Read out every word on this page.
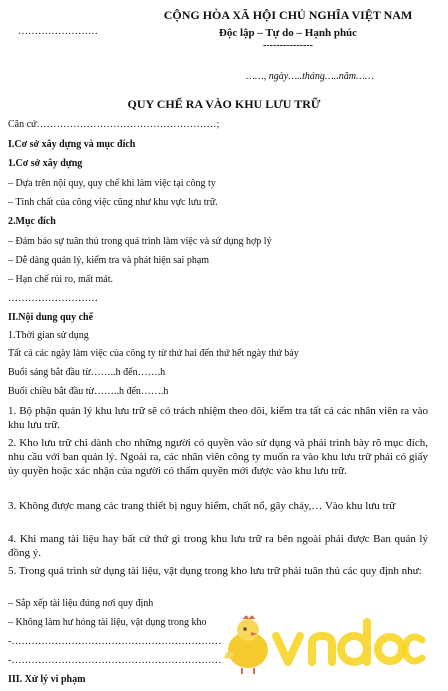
……………………
CỘNG HÒA XÃ HỘI CHỦ NGHĨA VIỆT NAM
Độc lập – Tự do – Hạnh phúc
---------------
……, ngày…..tháng…..năm……
QUY CHẾ RA VÀO KHU LƯU TRỮ
Căn cứ………………………………………………;
I.Cơ sở xây dựng và mục đích
1.Cơ sở xây dựng
– Dựa trên nội quy, quy chế khi làm việc tại công ty
– Tính chất của công việc cũng như khu vực lưu trữ.
2.Mục đích
– Đảm bảo sự tuân thủ trong quá trình làm việc và sử dụng hợp lý
– Dễ dàng quản lý, kiểm tra và phát hiện sai phạm
– Hạn chế rủi ro, mất mát.
………………………
II.Nội dung quy chế
1.Thời gian sử dụng
Tất cả các ngày làm việc của công ty từ thứ hai đến thứ hết ngày thứ bảy
Buổi sáng bắt đầu từ……..h đến…….h
Buổi chiều bắt đầu từ……..h đến…….h
1. Bộ phận quản lý khu lưu trữ sẽ có trách nhiệm theo dõi, kiểm tra tất cả các nhân viên ra vào khu lưu trữ.
2. Kho lưu trữ chỉ dành cho những người có quyền vào sử dụng và phải trình bày rõ mục đích, nhu cầu với ban quản lý. Ngoài ra, các nhân viên công ty muốn ra vào khu lưu trữ phải có giấy ủy quyền hoặc xác nhận của người có thẩm quyền mới được vào khu lưu trữ.
3. Không được mang các trang thiết bị nguy hiểm, chất nổ, gây cháy,… Vào khu lưu trữ
4. Khi mang tài liệu hay bất cứ thứ gì trong khu lưu trữ ra bên ngoài phải được Ban quản lý đồng ý.
5. Trong quá trình sử dụng tài liệu, vật dụng trong kho lưu trữ phải tuân thủ các quy định như:
– Sắp xếp tài liệu đúng nơi quy định
– Không làm hư hỏng tài liệu, vật dụng trong kho
-………………………………………………………
-………………………………………………………
III. Xử lý vi phạm
